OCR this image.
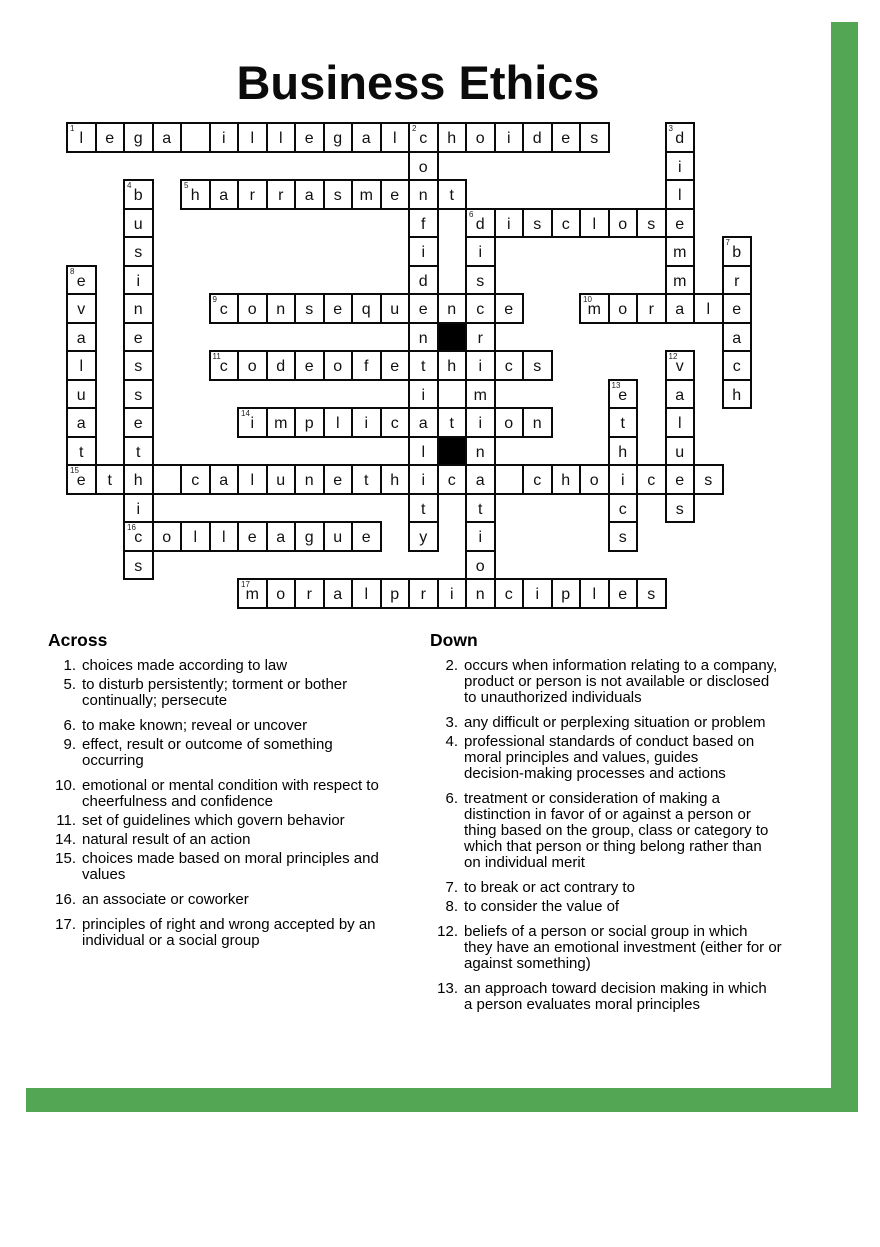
Business Ethics
1
l	e	g	a	i	l	l	e	g	a	l
2
c	h	o	i	d	e	s
3
d
o	i
4
b
5
h	a	r	r	a	s	m	e	n	t	l
u	f
6
d	i	s	c	l	o	s	e
s	i	i	m
7
b
8
e	i	d	s	m	r
v	n
9
c	o	n	s	e	q	u	e	n	c	e
10
m	o	r	a	l	e
a	e	n	r	a
l	s
11
c	o	d	e	o	f	e	t	h	i	c	s
12
v	c
u	s	i	m
13
e	a	h
a	e
14
i	m	p	l	i	c	a	t	i	o	n	t	l
t	t	l	n	h	u
15
e	t	h	c	a	l	u	n	e	t	h	i	c	a	c	h	o	i	c	e	s
i	t	t	c	s
16
c	o	l	l	e	a	g	u	e	y	i	s
s	o
17
m	o	r	a	l	p	r	i	n	c	i	p	l	e	s
Across
1. choices made according to law
5. to disturb persistently; torment or bother
continually; persecute
6. to make known; reveal or uncover
9. effect, result or outcome of something
occurring
10. emotional or mental condition with respect to
cheerfulness and confidence
11. set of guidelines which govern behavior
14. natural result of an action
15. choices made based on moral principles and
values
16. an associate or coworker
17. principles of right and wrong accepted by an
individual or a social group
Down
2. occurs when information relating to a company,
product or person is not available or disclosed
to unauthorized individuals
3. any difficult or perplexing situation or problem
4. professional standards of conduct based on
moral principles and values, guides
decision-making processes and actions
6. treatment or consideration of making a
distinction in favor of or against a person or
thing based on the group, class or category to
which that person or thing belong rather than
on individual merit
7. to break or act contrary to
8. to consider the value of
12. beliefs of a person or social group in which
they have an emotional investment (either for or
against something)
13. an approach toward decision making in which
a person evaluates moral principles
